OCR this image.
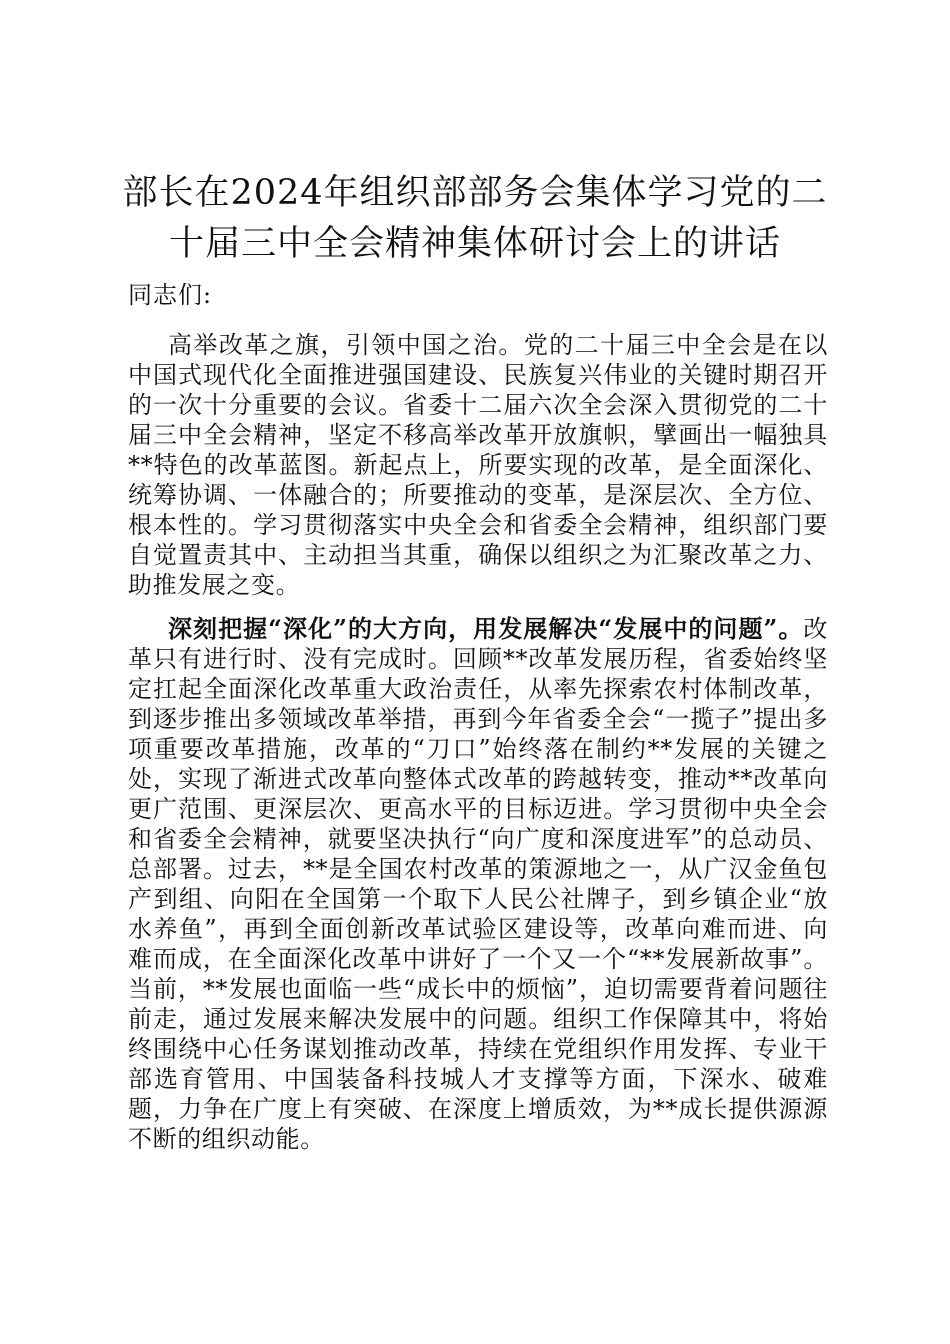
部长在2024年组织部部务会集体学习党的二十届三中全会精神集体研讨会上的讲话

同志们:

高举改革之旗，引领中国之治。党的二十届三中全会是在以中国式现代化全面推进强国建设、民族复兴伟业的关键时期召开的一次十分重要的会议。省委十二届六次全会深入贯彻党的二十届三中全会精神，坚定不移高举改革开放旗帜，擘画出一幅独具**特色的改革蓝图。新起点上，所要实现的改革，是全面深化、统筹协调、一体融合的；所要推动的变革，是深层次、全方位、根本性的。学习贯彻落实中央全会和省委全会精神，组织部门要自觉置责其中、主动担当其重，确保以组织之为汇聚改革之力、助推发展之变。

深刻把握“深化”的大方向，用发展解决“发展中的问题”。改革只有进行时、没有完成时。回顾**改革发展历程，省委始终坚定扛起全面深化改革重大政治责任，从率先探索农村体制改革，到逐步推出多领域改革举措，再到今年省委全会“一揽子”提出多项重要改革措施，改革的“刀口”始终落在制约**发展的关键之处，实现了渐进式改革向整体式改革的跨越转变，推动**改革向更广范围、更深层次、更高水平的目标迈进。学习贯彻中央全会和省委全会精神，就要坚决执行“向广度和深度进军”的总动员、总部署。过去，**是全国农村改革的策源地之一，从广汉金鱼包产到组、向阳在全国第一个取下人民公社牌子，到乡镇企业“放水养鱼”，再到全面创新改革试验区建设等，改革向难而进、向难而成，在全面深化改革中讲好了一个又一个“**发展新故事”。当前，**发展也面临一些“成长中的烦恼”，迫切需要背着问题往前走，通过发展来解决发展中的问题。组织工作保障其中，将始终围绕中心任务谋划推动改革，持续在党组织作用发挥、专业干部选育管用、中国装备科技城人才支撑等方面，下深水、破难题，力争在广度上有突破、在深度上增质效，为**成长提供源源不断的组织动能。
